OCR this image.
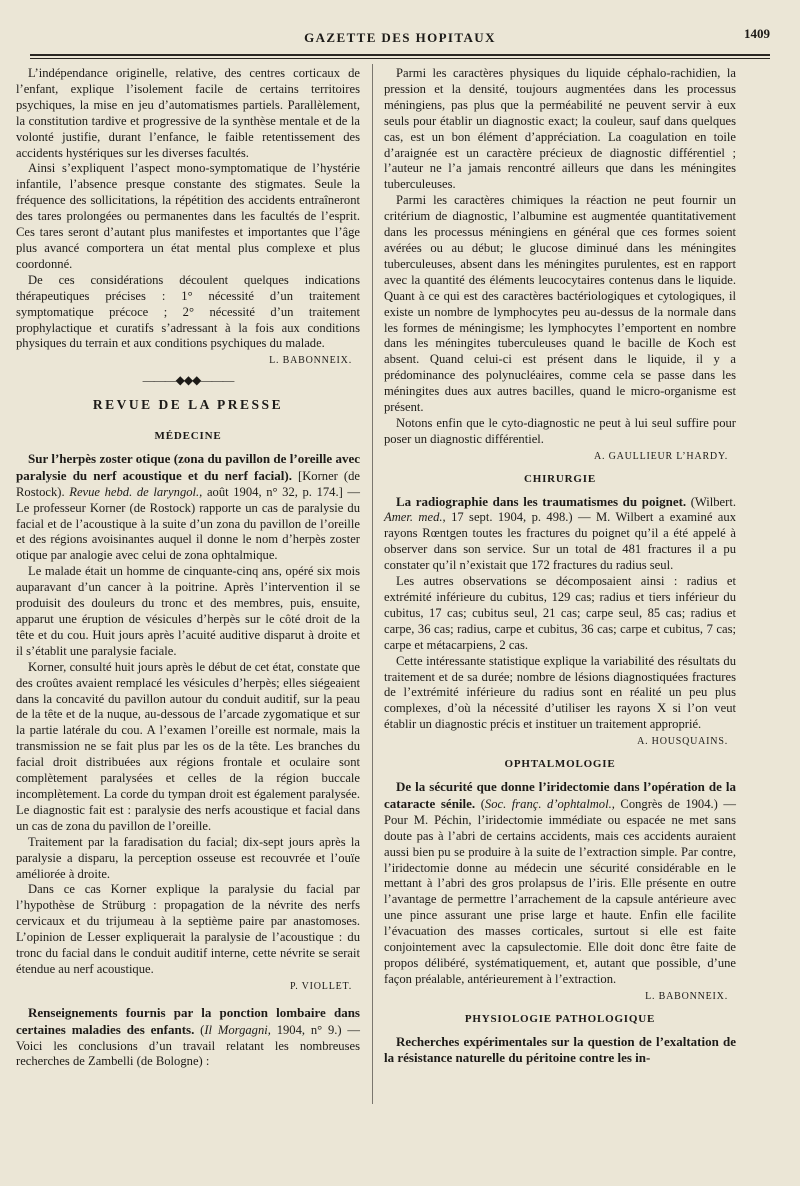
GAZETTE DES HOPITAUX	1409

L’indépendance originelle, relative, des centres corticaux de l’enfant, explique l’isolement facile de certains territoires psychiques, la mise en jeu d’automatismes partiels. Parallèlement, la constitution tardive et progressive de la synthèse mentale et de la volonté justifie, durant l’enfance, le faible retentissement des accidents hystériques sur les diverses facultés.

Ainsi s’expliquent l’aspect mono-symptomatique de l’hystérie infantile, l’absence presque constante des stigmates. Seule la fréquence des sollicitations, la répétition des accidents entraîneront des tares prolongées ou permanentes dans les facultés de l’esprit. Ces tares seront d’autant plus manifestes et importantes que l’âge plus avancé comportera un état mental plus complexe et plus coordonné.

De ces considérations découlent quelques indications thérapeutiques précises : 1° nécessité d’un traitement symptomatique précoce ; 2° nécessité d’un traitement prophylactique et curatifs s’adressant à la fois aux conditions physiques du terrain et aux conditions psychiques du malade.

L. BABONNEIX.
———◆◆◆———
REVUE DE LA PRESSE
MÉDECINE

Sur l’herpès zoster otique (zona du pavillon de l’oreille avec paralysie du nerf acoustique et du nerf facial). [Korner (de Rostock). Revue hebd. de laryngol., août 1904, n° 32, p. 174.] — Le professeur Korner (de Rostock) rapporte un cas de paralysie du facial et de l’acoustique à la suite d’un zona du pavillon de l’oreille et des régions avoisinantes auquel il donne le nom d’herpès zoster otique par analogie avec celui de zona ophtalmique.

Le malade était un homme de cinquante-cinq ans, opéré six mois auparavant d’un cancer à la poitrine. Après l’intervention il se produisit des douleurs du tronc et des membres, puis, ensuite, apparut une éruption de vésicules d’herpès sur le côté droit de la tête et du cou. Huit jours après l’acuité auditive disparut à droite et il s’établit une paralysie faciale.

Korner, consulté huit jours après le début de cet état, constate que des croûtes avaient remplacé les vésicules d’herpès; elles siégeaient dans la concavité du pavillon autour du conduit auditif, sur la peau de la tête et de la nuque, au-dessous de l’arcade zygomatique et sur la partie latérale du cou. A l’examen l’oreille est normale, mais la transmission ne se fait plus par les os de la tête. Les branches du facial droit distribuées aux régions frontale et oculaire sont complètement paralysées et celles de la région buccale incomplètement. La corde du tympan droit est également paralysée. Le diagnostic fait est : paralysie des nerfs acoustique et facial dans un cas de zona du pavillon de l’oreille.

Traitement par la faradisation du facial; dix-sept jours après la paralysie a disparu, la perception osseuse est recouvrée et l’ouïe améliorée à droite.

Dans ce cas Korner explique la paralysie du facial par l’hypothèse de Strüburg : propagation de la névrite des nerfs cervicaux et du trijumeau à la septième paire par anastomoses. L’opinion de Lesser expliquerait la paralysie de l’acoustique : du tronc du facial dans le conduit auditif interne, cette névrite se serait étendue au nerf acoustique.

P. VIOLLET.

Renseignements fournis par la ponction lombaire dans certaines maladies des enfants. (Il Morgagni, 1904, n° 9.) — Voici les conclusions d’un travail relatant les nombreuses recherches de Zambelli (de Bologne) :

Parmi les caractères physiques du liquide céphalo-rachidien, la pression et la densité, toujours augmentées dans les processus méningiens, pas plus que la perméabilité ne peuvent servir à eux seuls pour établir un diagnostic exact; la couleur, sauf dans quelques cas, est un bon élément d’appréciation. La coagulation en toile d’araignée est un caractère précieux de diagnostic différentiel ; l’auteur ne l’a jamais rencontré ailleurs que dans les méningites tuberculeuses.

Parmi les caractères chimiques la réaction ne peut fournir un critérium de diagnostic, l’albumine est augmentée quantitativement dans les processus méningiens en général que ces formes soient avérées ou au début; le glucose diminué dans les méningites tuberculeuses, absent dans les méningites purulentes, est en rapport avec la quantité des éléments leucocytaires contenus dans le liquide. Quant à ce qui est des caractères bactériologiques et cytologiques, il existe un nombre de lymphocytes peu au-dessus de la normale dans les formes de méningisme; les lymphocytes l’emportent en nombre dans les méningites tuberculeuses quand le bacille de Koch est absent. Quand celui-ci est présent dans le liquide, il y a prédominance des polynucléaires, comme cela se passe dans les méningites dues aux autres bacilles, quand le micro-organisme est présent.

Notons enfin que le cyto-diagnostic ne peut à lui seul suffire pour poser un diagnostic différentiel.

A. GAULLIEUR L’HARDY.
CHIRURGIE

La radiographie dans les traumatismes du poignet. (Wilbert. Amer. med., 17 sept. 1904, p. 498.) — M. Wilbert a examiné aux rayons Rœntgen toutes les fractures du poignet qu’il a été appelé à observer dans son service. Sur un total de 481 fractures il a pu constater qu’il n’existait que 172 fractures du radius seul.

Les autres observations se décomposaient ainsi : radius et extrémité inférieure du cubitus, 129 cas; radius et tiers inférieur du cubitus, 17 cas; cubitus seul, 21 cas; carpe seul, 85 cas; radius et carpe, 36 cas; radius, carpe et cubitus, 36 cas; carpe et cubitus, 7 cas; carpe et métacarpiens, 2 cas.

Cette intéressante statistique explique la variabilité des résultats du traitement et de sa durée; nombre de lésions diagnostiquées fractures de l’extrémité inférieure du radius sont en réalité un peu plus complexes, d’où la nécessité d’utiliser les rayons X si l’on veut établir un diagnostic précis et instituer un traitement approprié.

A. HOUSQUAINS.
OPHTALMOLOGIE

De la sécurité que donne l’iridectomie dans l’opération de la cataracte sénile. (Soc. franç. d’ophtalmol., Congrès de 1904.) — Pour M. Péchin, l’iridectomie immédiate ou espacée ne met sans doute pas à l’abri de certains accidents, mais ces accidents auraient aussi bien pu se produire à la suite de l’extraction simple. Par contre, l’iridectomie donne au médecin une sécurité considérable en le mettant à l’abri des gros prolapsus de l’iris. Elle présente en outre l’avantage de permettre l’arrachement de la capsule antérieure avec une pince assurant une prise large et haute. Enfin elle facilite l’évacuation des masses corticales, surtout si elle est faite conjointement avec la capsulectomie. Elle doit donc être faite de propos délibéré, systématiquement, et, autant que possible, d’une façon préalable, antérieurement à l’extraction.

L. BABONNEIX.
PHYSIOLOGIE PATHOLOGIQUE

Recherches expérimentales sur la question de l’exaltation de la résistance naturelle du péritoine contre les in-
